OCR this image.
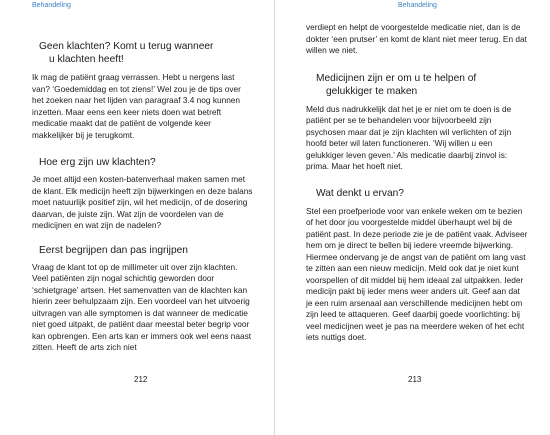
Behandeling
Geen klachten? Komt u terug wanneer
u klachten heeft!

Ik mag de patiënt graag verrassen. Hebt u nergens last van? ‘Goedemiddag en tot ziens!’ Wel zou je de tips over het zoeken naar het lijden van paragraaf 3.4 nog kunnen inzetten. Maar eens een keer niets doen wat betreft medicatie maakt dat de patiënt de volgende keer makkelijker bij je terugkomt.

Hoe erg zijn uw klachten?

Je moet altijd een kosten-batenverhaal maken samen met de klant. Elk medicijn heeft zijn bijwerkingen en deze balans moet natuurlijk positief zijn, wil het medicijn, of de dosering daarvan, de juiste zijn. Wat zijn de voordelen van de medicijnen en wat zijn de nadelen?

Eerst begrijpen dan pas ingrijpen

Vraag de klant tot op de millimeter uit over zijn klachten. Veel patiënten zijn nogal schichtig geworden door ‘schietgrage’ artsen. Het samenvatten van de klachten kan hierin zeer behulpzaam zijn. Een voordeel van het uitvoerig uitvragen van alle symptomen is dat wanneer de medicatie niet goed uitpakt, de patiënt daar meestal beter begrip voor kan opbrengen. Een arts kan er immers ook wel eens naast zitten. Heeft de arts zich niet

212
Behandeling

verdiept en helpt de voorgestelde medicatie niet, dan is de dokter ‘een prutser’ en komt de klant niet meer terug. En dat willen we niet.

Medicijnen zijn er om u te helpen of
gelukkiger te maken

Meld dus nadrukkelijk dat het je er niet om te doen is de patiënt per se te behandelen voor bijvoorbeeld zijn psychosen maar dat je zijn klachten wil verlichten of zijn hoofd beter wil laten functioneren. ‘Wij willen u een gelukkiger leven geven.’ Als medicatie daarbij zinvol is: prima. Maar het hoeft niet.

Wat denkt u ervan?

Stel een proefperiode voor van enkele weken om te bezien of het door jou voorgestelde middel überhaupt wel bij de patiënt past. In deze periode zie je de patiënt vaak. Adviseer hem om je direct te bellen bij iedere vreemde bijwerking. Hiermee ondervang je de angst van de patiënt om lang vast te zitten aan een nieuw medicijn. Meld ook dat je niet kunt voorspellen of dit middel bij hem ideaal zal uitpakken. Ieder medicijn pakt bij ieder mens weer anders uit. Geef aan dat je een ruim arsenaal aan verschillende medicijnen hebt om zijn leed te attaqueren. Geef daarbij goede voorlichting: bij veel medicijnen weet je pas na meerdere weken of het echt iets nuttigs doet.

213
